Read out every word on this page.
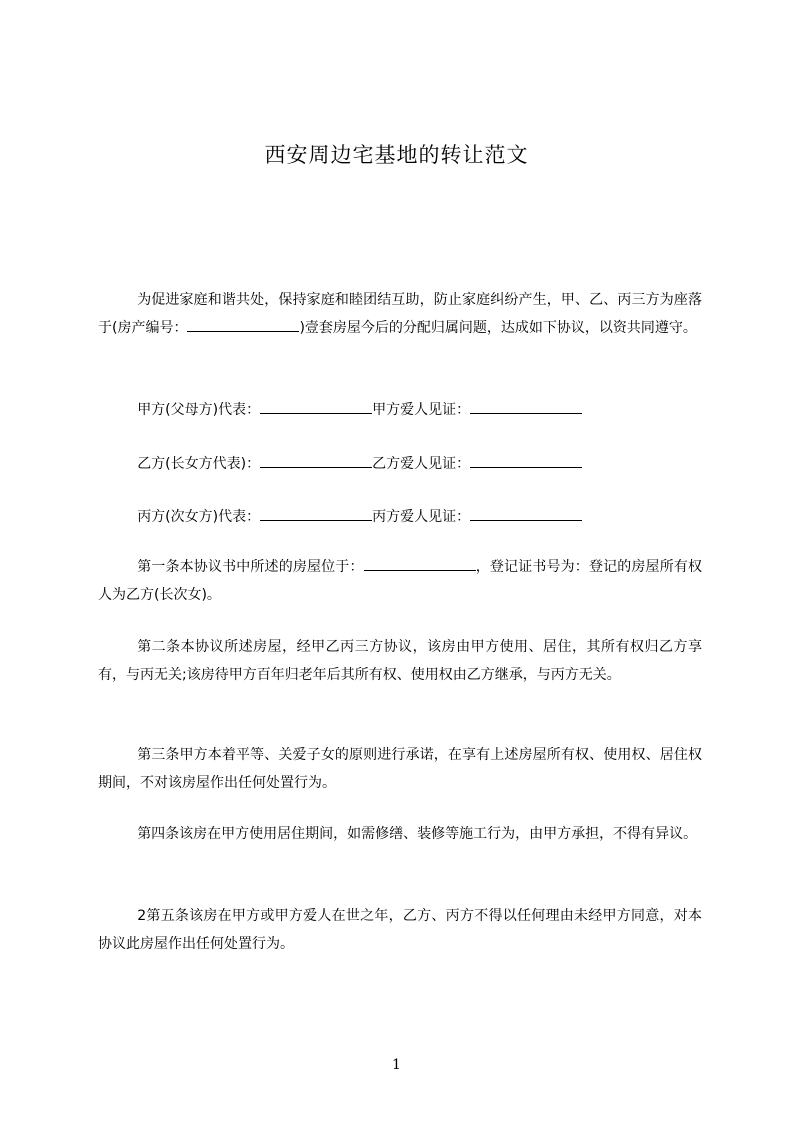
西安周边宅基地的转让范文

为促进家庭和谐共处，保持家庭和睦团结互助，防止家庭纠纷产生，甲、乙、丙三方为座落于(房产编号：	)壹套房屋今后的分配归属问题，达成如下协议，以资共同遵守。

甲方(父母方)代表：	甲方爱人见证：

乙方(长女方代表)：	乙方爱人见证：

丙方(次女方)代表：	丙方爱人见证：

第一条本协议书中所述的房屋位于：	，登记证书号为：登记的房屋所有权人为乙方(长次女)。

第二条本协议所述房屋，经甲乙丙三方协议，该房由甲方使用、居住，其所有权归乙方享有，与丙无关;该房待甲方百年归老年后其所有权、使用权由乙方继承，与丙方无关。

第三条甲方本着平等、关爱子女的原则进行承诺，在享有上述房屋所有权、使用权、居住权期间，不对该房屋作出任何处置行为。

第四条该房在甲方使用居住期间，如需修缮、装修等施工行为，由甲方承担，不得有异议。

2第五条该房在甲方或甲方爱人在世之年，乙方、丙方不得以任何理由未经甲方同意，对本协议此房屋作出任何处置行为。

1
